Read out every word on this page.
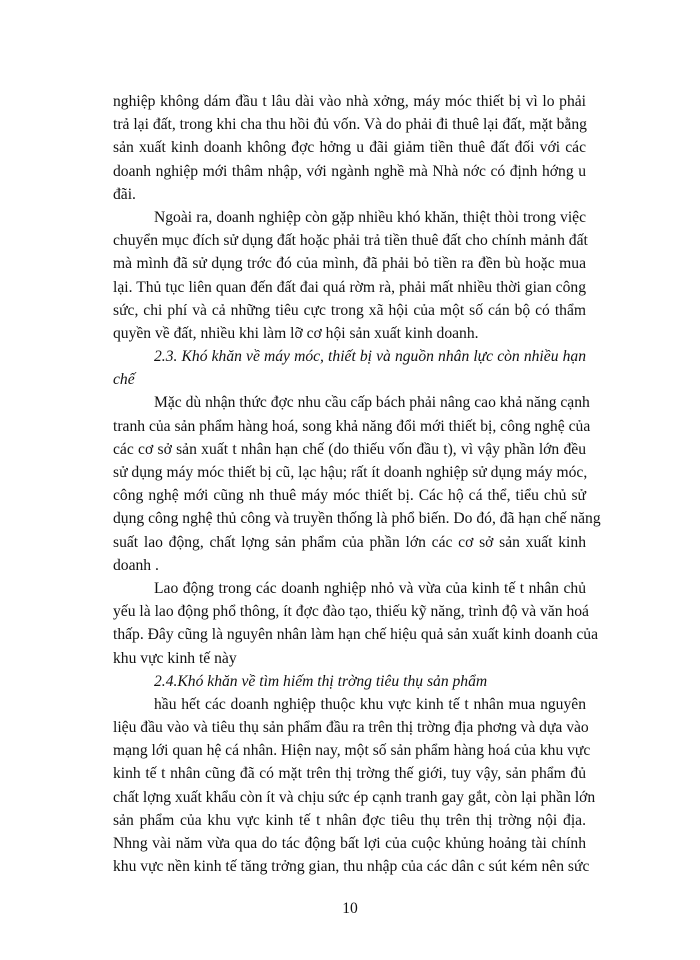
nghiệp không dám đầu t lâu dài vào nhà xởng, máy móc thiết bị vì lo phải
trả lại đất, trong khi cha thu hồi đủ vốn. Và do phải đi thuê lại đất, mặt bằng
sản xuất kinh doanh không đợc hởng u đãi giảm tiền thuê đất đối với các
doanh nghiệp mới thâm nhập, với ngành nghề mà Nhà nớc có định hớng u
đãi.
Ngoài ra, doanh nghiệp còn gặp nhiều khó khăn, thiệt thòi trong việc
chuyển mục đích sử dụng đất hoặc phải trả tiền thuê đất cho chính mảnh đất
mà mình đã sử dụng trớc đó của mình, đã phải bỏ tiền ra đền bù hoặc mua
lại. Thủ tục liên quan đến đất đai quá rờm rà, phải mất nhiều thời gian công
sức, chi phí và cả những tiêu cực trong xã hội của một số cán bộ có thẩm
quyền về đất, nhiều khi làm lỡ cơ hội sản xuất kinh doanh.
2.3. Khó khăn về máy móc, thiết bị và nguồn nhân lực còn nhiều hạn
chế
Mặc dù nhận thức đợc nhu cầu cấp bách phải nâng cao khả năng cạnh
tranh của sản phẩm hàng hoá, song khả năng đổi mới thiết bị, công nghệ của
các cơ sở sản xuất t nhân hạn chế (do thiếu vốn đầu t), vì vậy phần lớn đều
sử dụng máy móc thiết bị cũ, lạc hậu; rất ít doanh nghiệp sử dụng máy móc,
công nghệ mới cũng nh thuê máy móc thiết bị. Các hộ cá thể, tiểu chủ sử
dụng công nghệ thủ công và truyền thống là phổ biến. Do đó, đã hạn chế năng
suất lao động, chất lợng sản phẩm của phần lớn các cơ sở sản xuất kinh
doanh .
Lao động trong các doanh nghiệp nhỏ và vừa của kinh tế t nhân chủ
yếu là lao động phổ thông, ít đợc đào tạo, thiếu kỹ năng, trình độ và văn hoá
thấp. Đây cũng là nguyên nhân làm hạn chế hiệu quả sản xuất kinh doanh của
khu vực kinh tế này
2.4.Khó khăn về tìm hiếm thị trờng tiêu thụ sản phẩm
hầu hết các doanh nghiệp thuộc khu vực kinh tế t nhân mua nguyên
liệu đầu vào và tiêu thụ sản phẩm đầu ra trên thị trờng địa phơng và dựa vào
mạng lới quan hệ cá nhân. Hiện nay, một số sản phẩm hàng hoá của khu vực
kinh tế t nhân cũng đã có mặt trên thị trờng thế giới, tuy vậy, sản phẩm đủ
chất lợng xuất khẩu còn ít và chịu sức ép cạnh tranh gay gắt, còn lại phần lớn
sản phẩm của khu vực kinh tế t nhân đợc tiêu thụ trên thị trờng nội địa.
Nhng vài năm vừa qua do tác động bất lợi của cuộc khủng hoảng tài chính
khu vực nền kinh tế tăng trởng gian, thu nhập của các dân c sút kém nên sức
10
